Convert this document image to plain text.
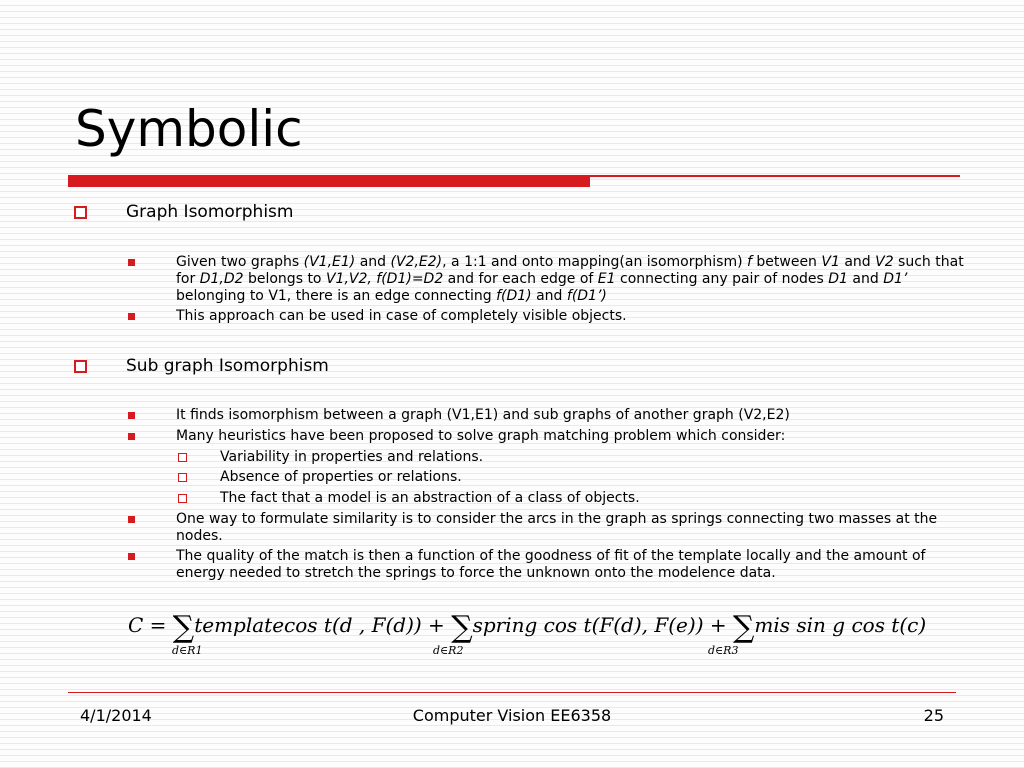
Symbolic
Graph Isomorphism
Given two graphs (V1,E1) and (V2,E2), a 1:1 and onto mapping(an isomorphism) f between V1 and V2 such that for D1,D2 belongs to V1,V2, f(D1)=D2 and for each edge of E1 connecting any pair of nodes D1 and D1’ belonging to V1, there is an edge connecting f(D1) and f(D1’)
This approach can be used in case of completely visible objects.
Sub graph Isomorphism
It finds isomorphism between a graph (V1,E1) and sub graphs of another graph (V2,E2)
Many heuristics have been proposed to solve graph matching problem which consider:
Variability in properties and relations.
Absence of properties or relations.
The fact that a model is an abstraction of a class of objects.
One way to formulate similarity is to consider the arcs in the graph as springs connecting two masses at the nodes.
The quality of the match is then a function of the goodness of fit of the template locally and the amount of energy needed to stretch the springs to force the unknown onto the modelence data.
C = ∑templatecos t(d , F(d)) + ∑spring cos t(F(d), F(e)) + ∑mis sin g cos t(c)
d∈R1	d∈R2	d∈R3
Computer Vision EE6358
4/1/2014	25
